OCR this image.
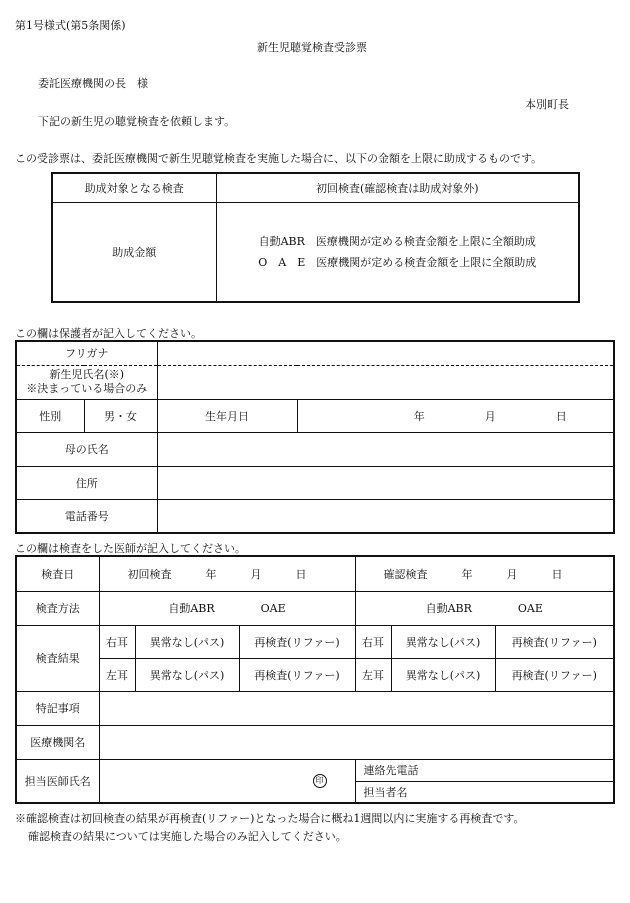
第1号様式(第5条関係)
新生児聴覚検査受診票
委託医療機関の長　様
本別町長
下記の新生児の聴覚検査を依頼します。
この受診票は、委託医療機関で新生児聴覚検査を実施した場合に、以下の金額を上限に助成するものです。
助成対象となる検査	初回検査(確認検査は助成対象外)
助成金額	自動ABR　 医療機関が定める検査金額を上限に全額助成
O　A　E　 医療機関が定める検査金額を上限に全額助成
この欄は保護者が記入してください。
フリガナ			

新生児氏名(※)
※決まっている場合のみ			

性別	男・女	生年月日	年 月 日
母の氏名			
住所			
電話番号			
この欄は検査をした医師が記入してください。
検査日	初回検査 年 月 日			確認検査 年 月 日		
検査方法	自動ABR OAE			自動ABR OAE		
検査結果	右耳	異常なし(パス)	再検査(リファー)	右耳	異常なし(パス)	再検査(リファー)
	左耳	異常なし(パス)	再検査(リファー)	左耳	異常なし(パス)	再検査(リファー)
特記事項						
医療機関名						
担当医師氏名	印			連絡先電話		
				担当者名		
※確認検査は初回検査の結果が再検査(リファー)となった場合に概ね1週間以内に実施する再検査です。
確認検査の結果については実施した場合のみ記入してください。
